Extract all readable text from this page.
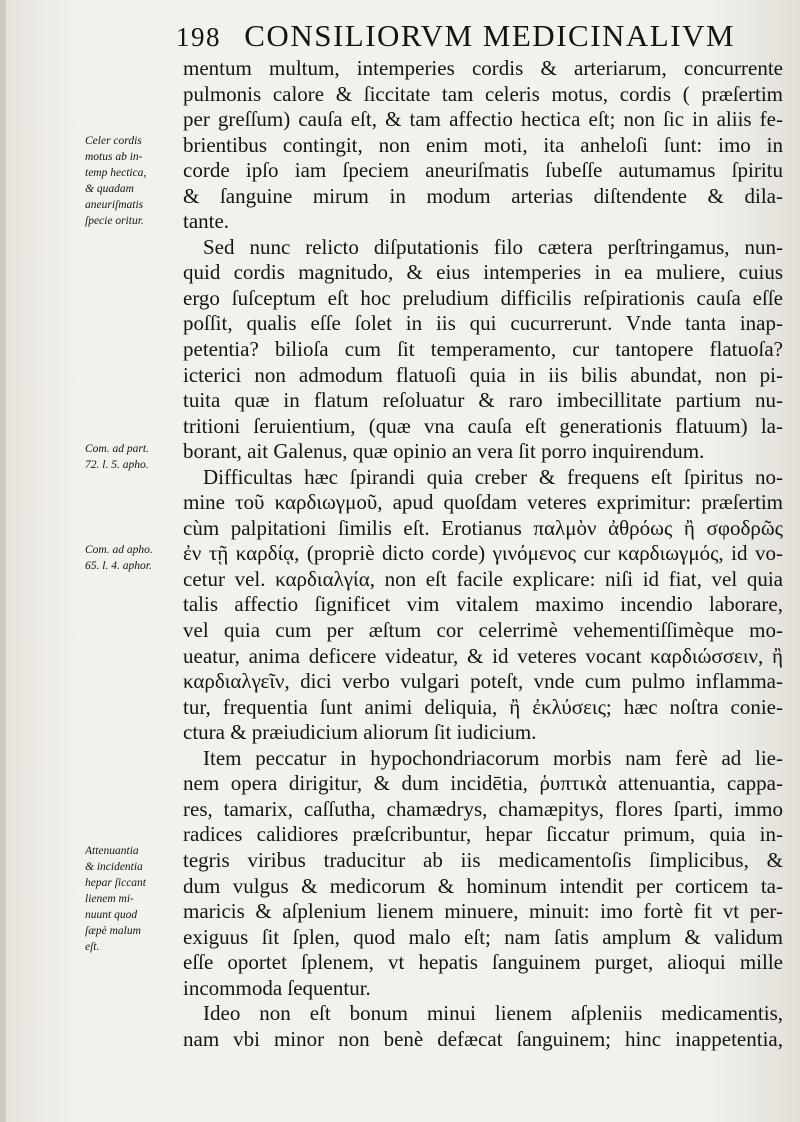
198 CONSILIORVM MEDICINALIVM
mentum multum, intemperies cordis & arteriarum, concurrente
pulmonis calore & ſiccitate tam celeris motus, cordis ( præſertim
per greſſum) cauſa eſt, & tam affectio hectica eſt; non ſic in aliis fe-
brientibus contingit, non enim moti, ita anheloſi ſunt: imo in
corde ipſo iam ſpeciem aneuriſmatis ſubeſſe autumamus ſpiritu
& ſanguine mirum in modum arterias diſtendente & dila-
tante.
Sed nunc relicto diſputationis filo cætera perſtringamus, nun-
quid cordis magnitudo, & eius intemperies in ea muliere, cuius
ergo ſuſceptum eſt hoc preludium difficilis reſpirationis cauſa eſſe
poſſit, qualis eſſe ſolet in iis qui cucurrerunt. Vnde tanta inap-
petentia? bilioſa cum ſit temperamento, cur tantopere flatuoſa?
icterici non admodum flatuoſi quia in iis bilis abundat, non pi-
tuita quæ in flatum reſoluatur & raro imbecillitate partium nu-
tritioni ſeruientium, (quæ vna cauſa eſt generationis flatuum) la-
borant, ait Galenus, quæ opinio an vera ſit porro inquirendum.
Difficultas hæc ſpirandi quia creber & frequens eſt ſpiritus no-
mine τοῦ καρδιωγμοῦ, apud quoſdam veteres exprimitur: præſertim
cùm palpitationi ſimilis eſt. Erotianus παλμὸν ἀθρόως ἢ σφοδρῶς
ἐν τῇ καρδίᾳ, (propriè dicto corde) γινόμενος cur καρδιωγμός, id vo-
cetur vel. καρδιαλγία, non eſt facile explicare: niſi id fiat, vel quia
talis affectio ſignificet vim vitalem maximo incendio laborare,
vel quia cum per æſtum cor celerrimè vehementiſſimèque mo-
ueatur, anima deficere videatur, & id veteres vocant καρδιώσσειν, ἢ
καρδιαλγεῖν, dici verbo vulgari poteſt, vnde cum pulmo inflamma-
tur, frequentia ſunt animi deliquia, ἢ ἐκλύσεις; hæc noſtra conie-
ctura & præiudicium aliorum ſit iudicium.
Item peccatur in hypochondriacorum morbis nam ferè ad lie-
nem opera dirigitur, & dum incidētia, ῥυπτικὰ attenuantia, cappa-
res, tamarix, caſſutha, chamædrys, chamæpitys, flores ſparti, immo
radices calidiores præſcribuntur, hepar ſiccatur primum, quia in-
tegris viribus traducitur ab iis medicamentoſis ſimplicibus, &
dum vulgus & medicorum & hominum intendit per corticem ta-
maricis & aſplenium lienem minuere, minuit: imo fortè fit vt per-
exiguus ſit ſplen, quod malo eſt; nam ſatis amplum & validum
eſſe oportet ſplenem, vt hepatis ſanguinem purget, alioqui mille
incommoda ſequentur.
Ideo non eſt bonum minui lienem aſpleniis medicamentis,
nam vbi minor non benè defæcat ſanguinem; hinc inappetentia,
Celer cordis
motus ab in-
temp hectica,
& quadam
aneuriſmatis
ſpecie oritur.
Com. ad part.
72. l. 5. apho.
Com. ad apho.
65. l. 4. aphor.
Attenuantia
& incidentia
hepar ſiccant
lienem mi-
nuunt quod
ſæpè malum
eſt.
